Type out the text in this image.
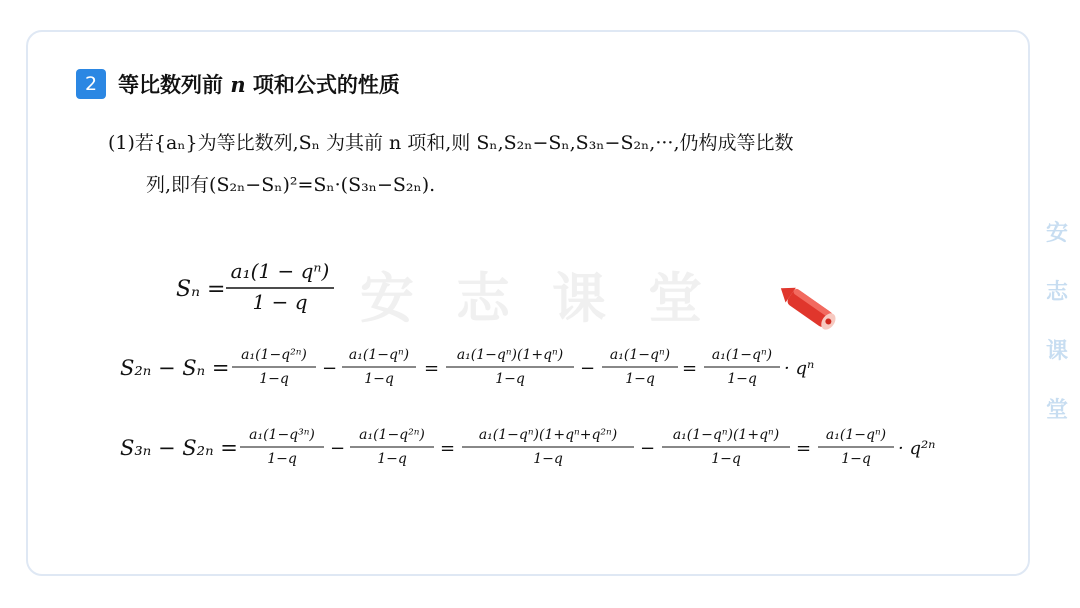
安志课堂
2 等比数列前 n 项和公式的性质
(1)若{aₙ}为等比数列,Sₙ 为其前 n 项和,则 Sₙ,S₂ₙ−Sₙ,S₃ₙ−S₂ₙ,···,仍构成等比数
列,即有(S₂ₙ−Sₙ)²=Sₙ·(S₃ₙ−S₂ₙ).
安
志
课
堂
Sₙ =
a₁(1 − qⁿ)
1 − q
S₂ₙ − Sₙ =
a₁(1−q²ⁿ)
1−q −
a₁(1−qⁿ)
1−q =
a₁(1−qⁿ)(1+qⁿ)
1−q	−
a₁(1−qⁿ)
1−q =
a₁(1−qⁿ)
1−q · qⁿ
S₃ₙ − S₂ₙ =
a₁(1−q³ⁿ)
1−q −
a₁(1−q²ⁿ)
1−q =
a₁(1−qⁿ)(1+qⁿ+q²ⁿ)
1−q	−
a₁(1−qⁿ)(1+qⁿ)
1−q	=
a₁(1−qⁿ)
1−q · q²ⁿ
